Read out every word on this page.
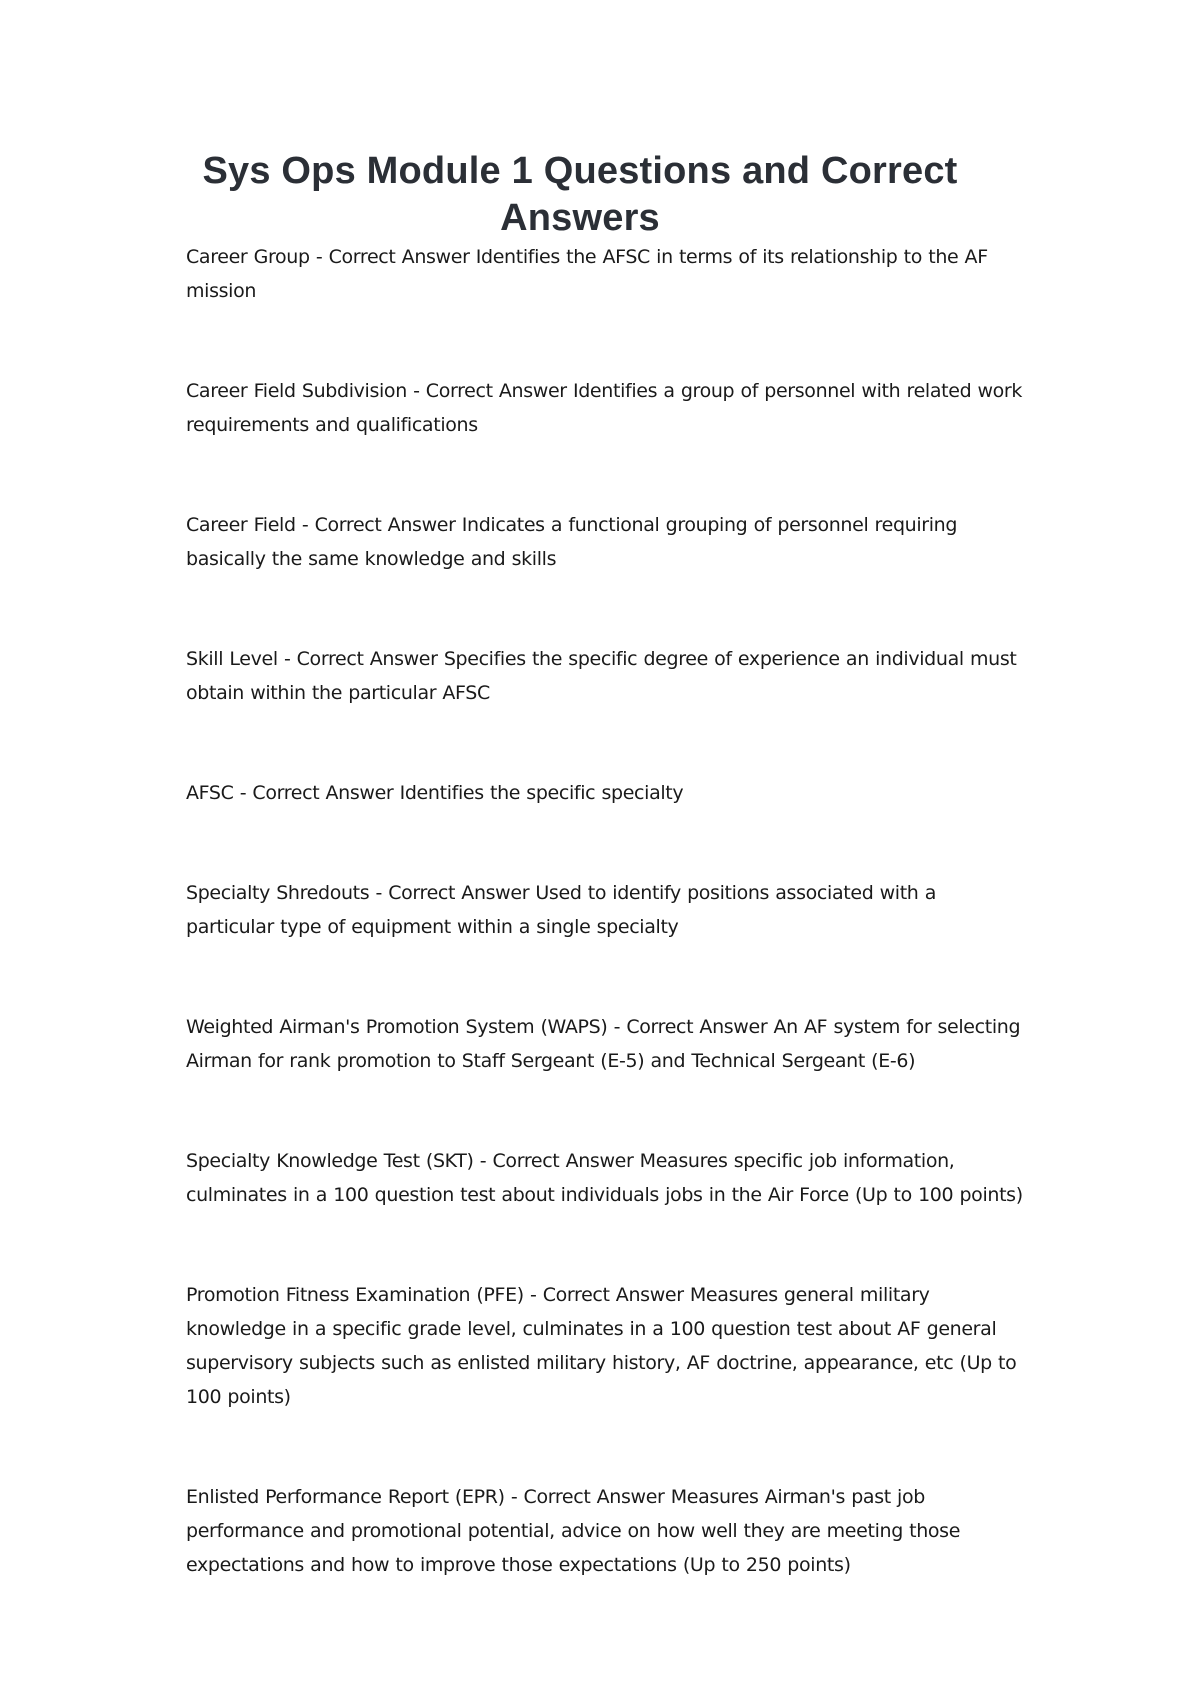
Sys Ops Module 1 Questions and Correct Answers
Career Group - Correct Answer Identifies the AFSC in terms of its relationship to the AF mission
Career Field Subdivision - Correct Answer Identifies a group of personnel with related work requirements and qualifications
Career Field - Correct Answer Indicates a functional grouping of personnel requiring basically the same knowledge and skills
Skill Level - Correct Answer Specifies the specific degree of experience an individual must obtain within the particular AFSC
AFSC - Correct Answer Identifies the specific specialty
Specialty Shredouts - Correct Answer Used to identify positions associated with a particular type of equipment within a single specialty
Weighted Airman's Promotion System (WAPS) - Correct Answer An AF system for selecting Airman for rank promotion to Staff Sergeant (E-5) and Technical Sergeant (E-6)
Specialty Knowledge Test (SKT) - Correct Answer Measures specific job information, culminates in a 100 question test about individuals jobs in the Air Force (Up to 100 points)
Promotion Fitness Examination (PFE) - Correct Answer Measures general military knowledge in a specific grade level, culminates in a 100 question test about AF general supervisory subjects such as enlisted military history, AF doctrine, appearance, etc (Up to 100 points)
Enlisted Performance Report (EPR) - Correct Answer Measures Airman's past job performance and promotional potential, advice on how well they are meeting those expectations and how to improve those expectations (Up to 250 points)
